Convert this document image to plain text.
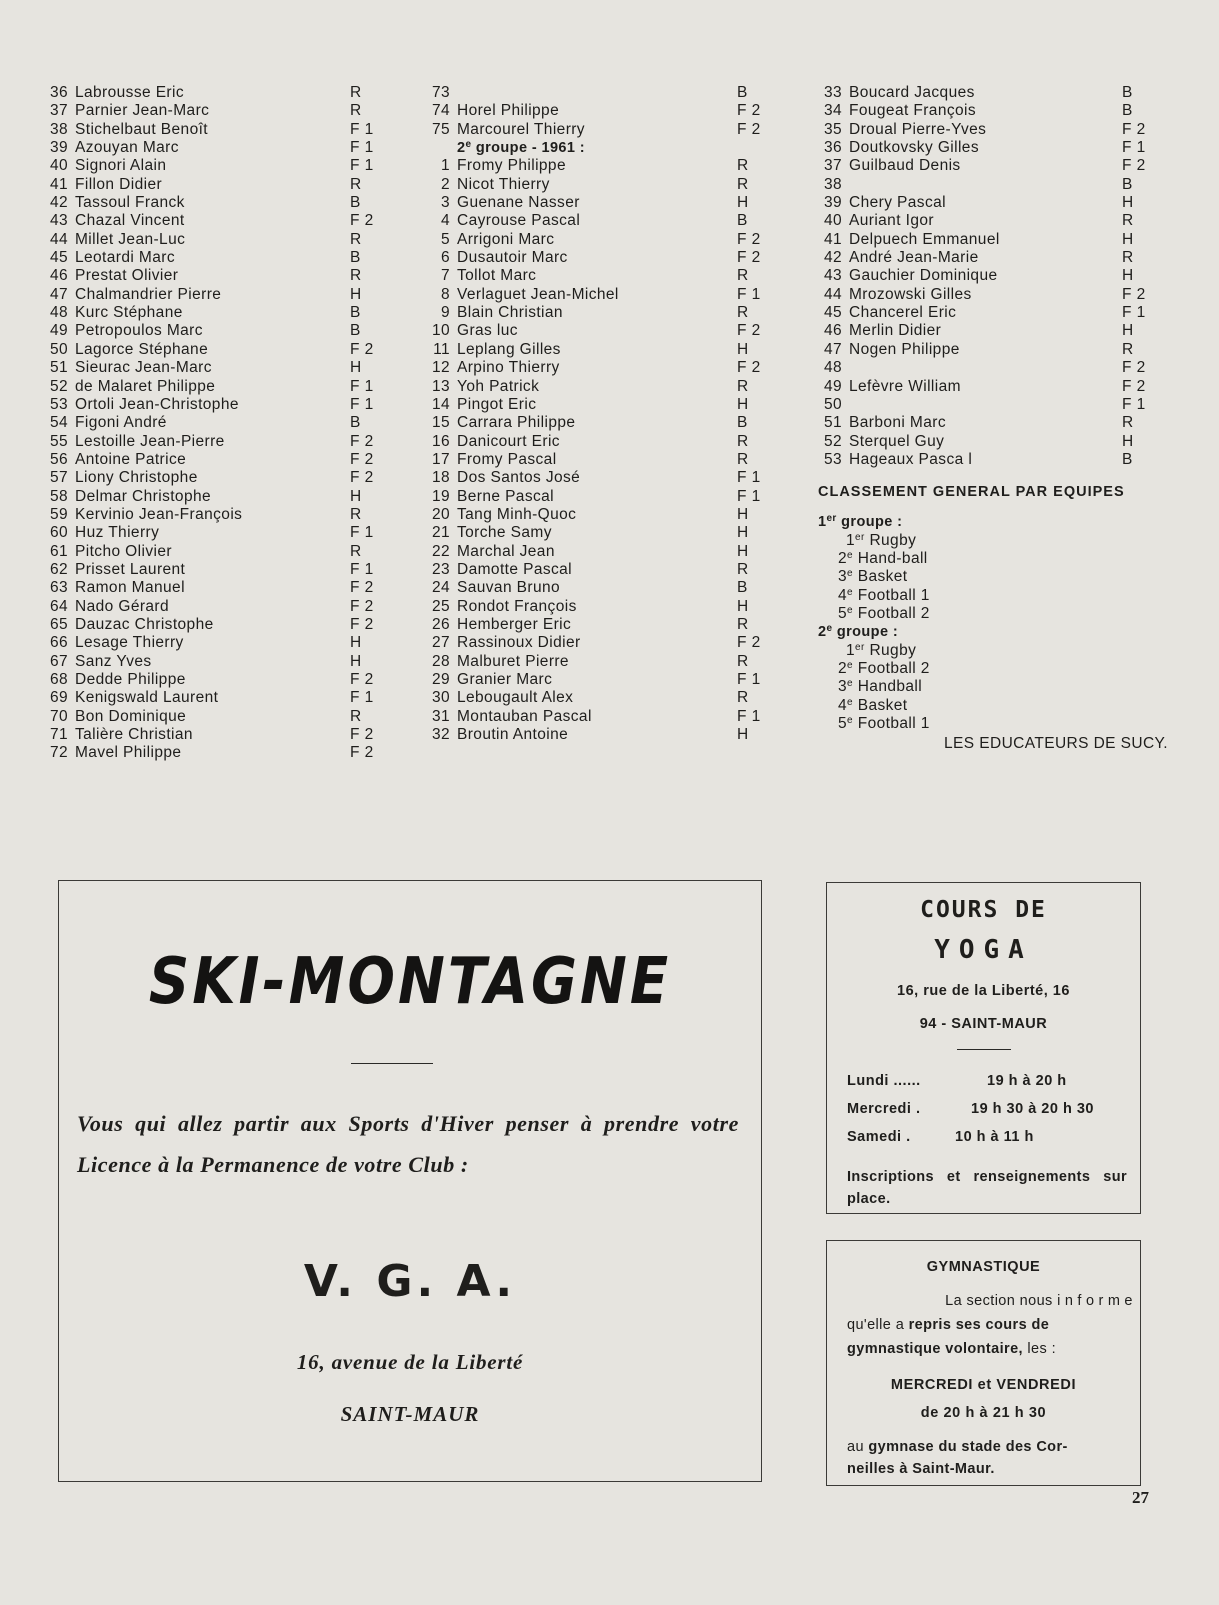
36 Labrousse Eric	R
37 Parnier Jean-Marc	R
38 Stichelbaut Benoît	F 1
39 Azouyan Marc	F 1
40 Signori Alain	F 1
41 Fillon Didier	R
42 Tassoul Franck	B
43 Chazal Vincent	F 2
44 Millet Jean-Luc	R
45 Leotardi Marc	B
46 Prestat Olivier	R
47 Chalmandrier Pierre	H
48 Kurc Stéphane	B
49 Petropoulos Marc	B
50 Lagorce Stéphane	F 2
51 Sieurac Jean-Marc	H
52 de Malaret Philippe	F 1
53 Ortoli Jean-Christophe	F 1
54 Figoni André	B
55 Lestoille Jean-Pierre	F 2
56 Antoine Patrice	F 2
57 Liony Christophe	F 2
58 Delmar Christophe	H
59 Kervinio Jean-François	R
60 Huz Thierry	F 1
61 Pitcho Olivier	R
62 Prisset Laurent	F 1
63 Ramon Manuel	F 2
64 Nado Gérard	F 2
65 Dauzac Christophe	F 2
66 Lesage Thierry	H
67 Sanz Yves	H
68 Dedde Philippe	F 2
69 Kenigswald Laurent	F 1
70 Bon Dominique	R
71 Talière Christian	F 2
72 Mavel Philippe	F 2
73	B
74 Horel Philippe	F 2
75 Marcourel Thierry	F 2
2e groupe - 1961 :
1 Fromy Philippe	R
2 Nicot Thierry	R
3 Guenane Nasser	H
4 Cayrouse Pascal	B
5 Arrigoni Marc	F 2
6 Dusautoir Marc	F 2
7 Tollot Marc	R
8 Verlaguet Jean-Michel	F 1
9 Blain Christian	R
10 Gras luc	F 2
11 Leplang Gilles	H
12 Arpino Thierry	F 2
13 Yoh Patrick	R
14 Pingot Eric	H
15 Carrara Philippe	B
16 Danicourt Eric	R
17 Fromy Pascal	R
18 Dos Santos José	F 1
19 Berne Pascal	F 1
20 Tang Minh-Quoc	H
21 Torche Samy	H
22 Marchal Jean	H
23 Damotte Pascal	R
24 Sauvan Bruno	B
25 Rondot François	H
26 Hemberger Eric	R
27 Rassinoux Didier	F 2
28 Malburet Pierre	R
29 Granier Marc	F 1
30 Lebougault Alex	R
31 Montauban Pascal	F 1
32 Broutin Antoine	H
33 Boucard Jacques	B
34 Fougeat François	B
35 Droual Pierre-Yves	F 2
36 Doutkovsky Gilles	F 1
37 Guilbaud Denis	F 2
38	B
39 Chery Pascal	H
40 Auriant Igor	R
41 Delpuech Emmanuel	H
42 André Jean-Marie	R
43 Gauchier Dominique	H
44 Mrozowski Gilles	F 2
45 Chancerel Eric	F 1
46 Merlin Didier	H
47 Nogen Philippe	R
48	F 2
49 Lefèvre William	F 2
50	F 1
51 Barboni Marc	R
52 Sterquel Guy	H
53 Hageaux Pasca l	B
CLASSEMENT GENERAL PAR EQUIPES
1er groupe :
1er Rugby
2e Hand-ball
3e Basket
4e Football 1
5e Football 2
2e groupe :
1er Rugby
2e Football 2
3e Handball
4e Basket
5e Football 1
LES EDUCATEURS DE SUCY.
SKI-MONTAGNE
Vous qui allez partir aux Sports d'Hiver penser à prendre votre Licence à la Permanence de votre Club :
V. G. A.
16, avenue de la Liberté
SAINT-MAUR
COURS DE
YOGA
16, rue de la Liberté, 16
94 - SAINT-MAUR
Lundi ......	19 h à 20 h
Mercredi .	19 h 30 à 20 h 30
Samedi .	10 h à 11 h
Inscriptions et renseignements sur place.
GYMNASTIQUE
La section nous informe
qu'elle a repris ses cours de
gymnastique volontaire, les :
MERCREDI et VENDREDI
de 20 h à 21 h 30
au gymnase du stade des Cor-
neilles à Saint-Maur.
27
